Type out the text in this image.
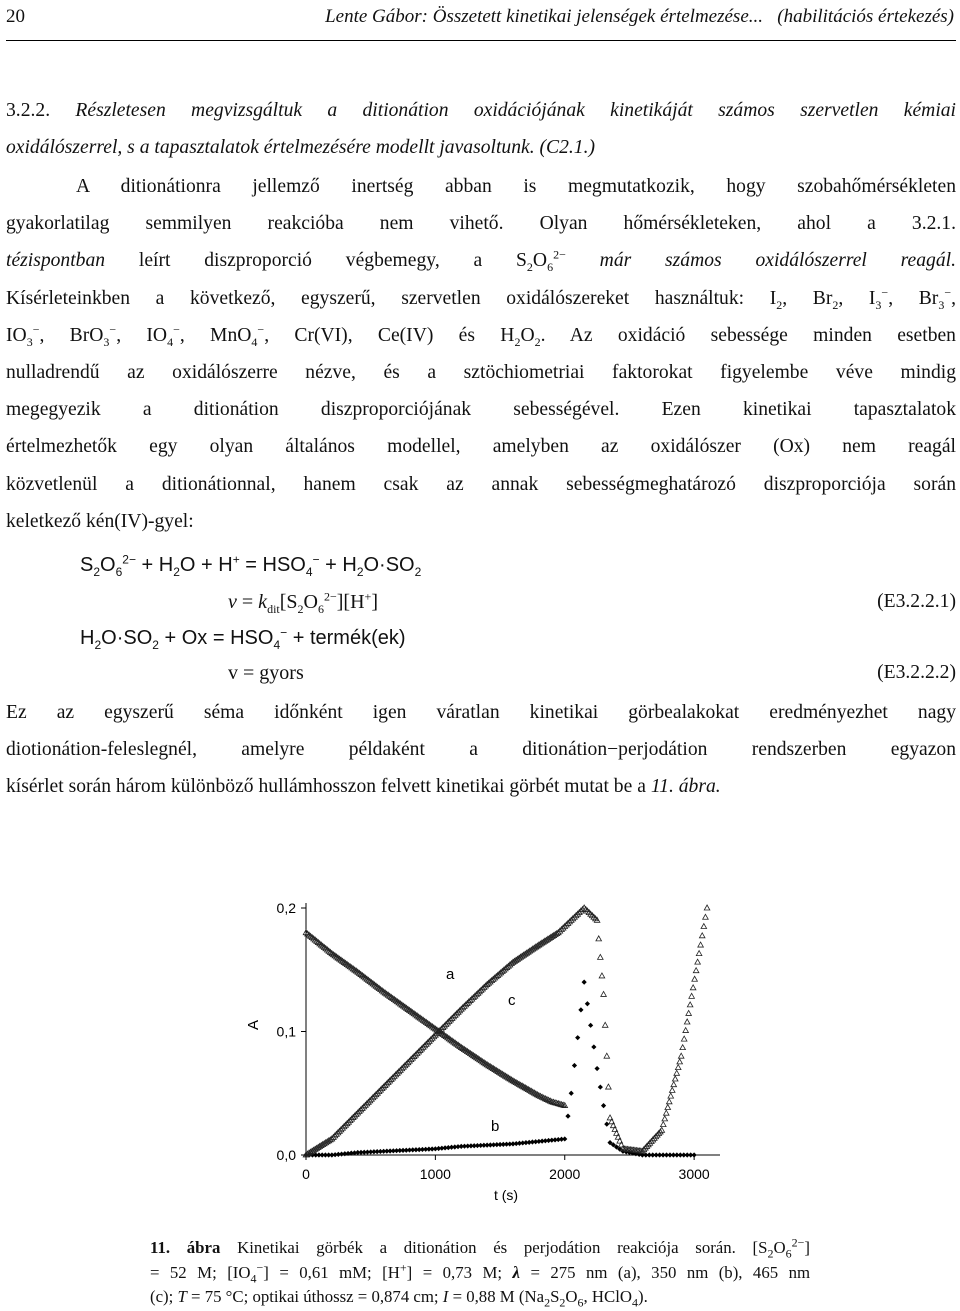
20	Lente Gábor: Összetett kinetikai jelenségek értelmezése...   (habilitációs értekezés)
3.2.2. Részletesen megvizsgáltuk a ditionátion oxidációjának kinetikáját számos szervetlen kémiai
oxidálószerrel, s a tapasztalatok értelmezésére modellt javasoltunk. (C2.1.)
A ditionátionra jellemző inertség abban is megmutatkozik, hogy szobahőmérsékleten
gyakorlatilag semmilyen reakcióba nem vihető. Olyan hőmérsékleteken, ahol a 3.2.1.
tézispontban leírt diszproporció végbemegy, a $S_2O_6^{2-}$ már számos oxidálószerrel reagál.
Kísérleteinkben a következő, egyszerű, szervetlen oxidálószereket használtuk: $I_2$, $Br_2$, $I_3^-$, $Br_3^-$,
$IO_3^-$, BrO$_3$−, $IO_4^-$, MnO$_4$−, Cr(VI), Ce(IV) és $H_2O_2$. Az oxidáció sebessége minden esetben
nulladrendű az oxidálószerre nézve, és a sztöchiometriai faktorokat figyelembe véve mindig
megegyezik a ditionátion diszproporciójának sebességével. Ezen kinetikai tapasztalatok
értelmezhetők egy olyan általános modellel, amelyben az oxidálószer (Ox) nem reagál
közvetlenül a ditionátionnal, hanem csak az annak sebességmeghatározó diszproporciója során
keletkező kén(IV)-gyel:
$S_2O_6^{2-} + H_2O + H^+ = HSO_4^- + H_2O\cdot SO_2$
$v = k_{dit}[S_2O_6^{2-}][H^+]$	(E3.2.2.1)
$H_2O\cdot SO_2 + Ox = HSO_4^-$ + termék(ek)
v = gyors	(E3.2.2.2)
Ez az egyszerű séma időnként igen váratlan kinetikai görbealakokat eredményezhet nagy
diotionátion-feleslegnél, amelyre példaként a ditionátion−perjodátion rendszerben egyazon
kísérlet során három különböző hullámhosszon felvett kinetikai görbét mutat be a 11. ábra.
0	1000	2000	3000
0,0
0,1
0,2
A
t (s)
a
b
c
11. ábra Kinetikai görbék a ditionátion és perjodátion reakciója során. $[S_2O_6^{2-}]$
= 52 M; $[IO_4^-] = 0,61$ mM; [H+] = 0,73 M; λ = 275 nm (a), 350 nm (b), 465 nm
(c); T = 75 °C; optikai úthossz = 0,874 cm; I = 0,88 M ($Na_2S_2O_6$, HClO$_4$).
